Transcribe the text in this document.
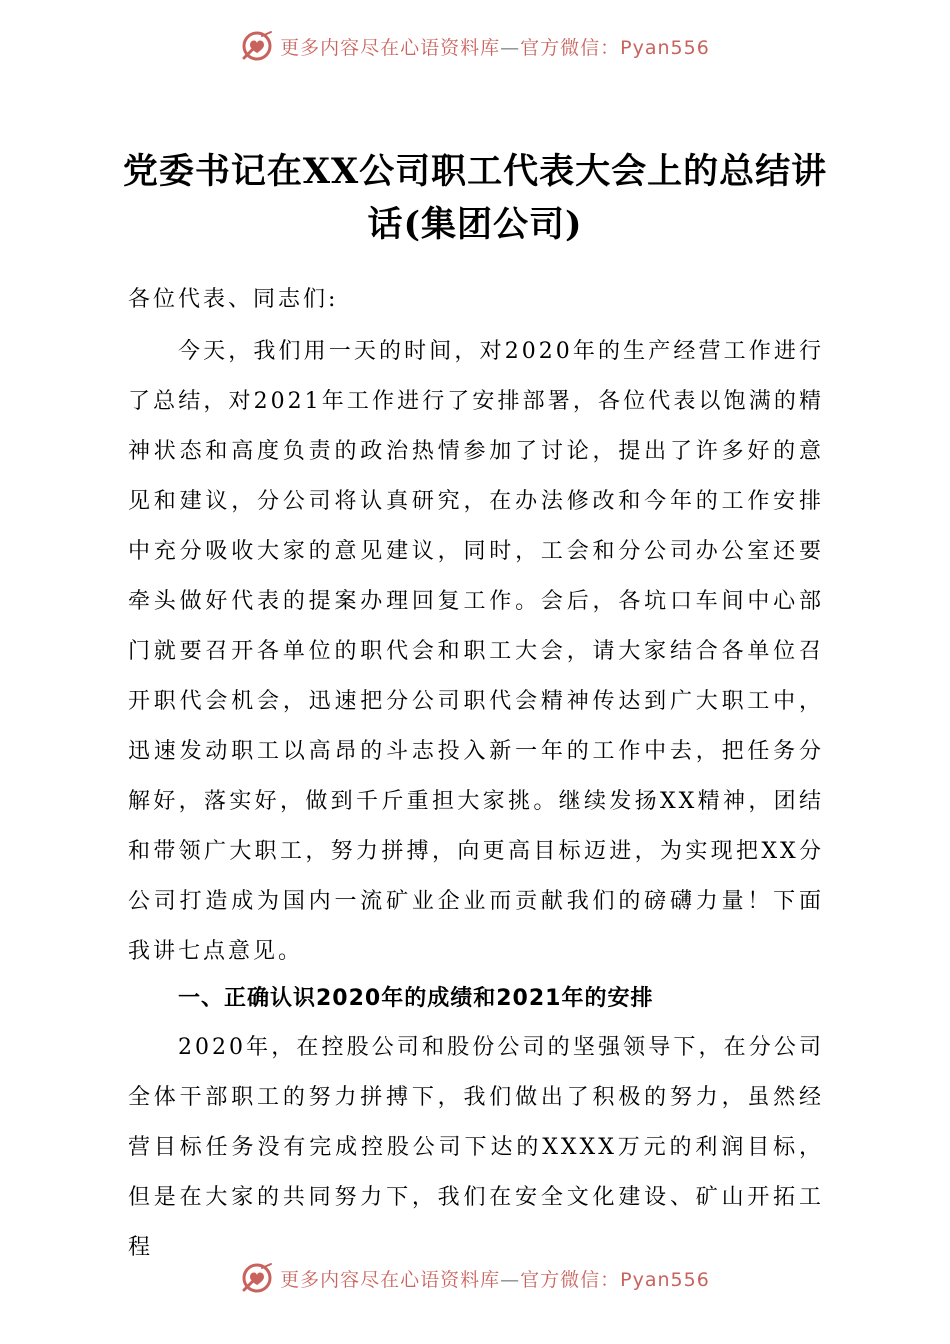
更多内容尽在心语资料库—官方微信：Pyan556
党委书记在XX公司职工代表大会上的总结讲话(集团公司)
各位代表、同志们:

今天，我们用一天的时间，对2020年的生产经营工作进行了总结，对2021年工作进行了安排部署，各位代表以饱满的精神状态和高度负责的政治热情参加了讨论，提出了许多好的意见和建议，分公司将认真研究，在办法修改和今年的工作安排中充分吸收大家的意见建议，同时，工会和分公司办公室还要牵头做好代表的提案办理回复工作。会后，各坑口车间中心部门就要召开各单位的职代会和职工大会，请大家结合各单位召开职代会机会，迅速把分公司职代会精神传达到广大职工中，迅速发动职工以高昂的斗志投入新一年的工作中去，把任务分解好，落实好，做到千斤重担大家挑。继续发扬XX精神，团结和带领广大职工，努力拼搏，向更高目标迈进，为实现把XX分公司打造成为国内一流矿业企业而贡献我们的磅礴力量！下面我讲七点意见。

一、正确认识2020年的成绩和2021年的安排

2020年，在控股公司和股份公司的坚强领导下，在分公司全体干部职工的努力拼搏下，我们做出了积极的努力，虽然经营目标任务没有完成控股公司下达的XXXX万元的利润目标，但是在大家的共同努力下，我们在安全文化建设、矿山开拓工程

更多内容尽在心语资料库—官方微信：Pyan556
